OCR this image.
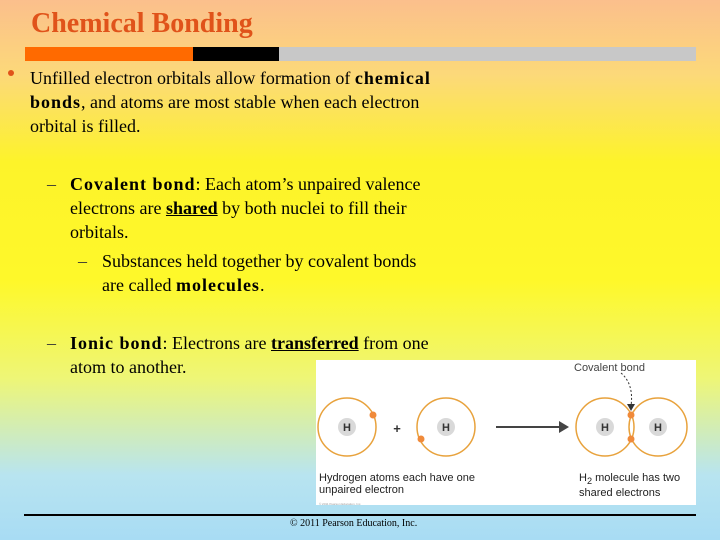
Chemical Bonding
Unfilled electron orbitals allow formation of chemical bonds, and atoms are most stable when each electron orbital is filled.
– Covalent bond: Each atom’s unpaired valence electrons are shared by both nuclei to fill their orbitals.
– Substances held together by covalent bonds are called molecules.
– Ionic bond: Electrons are transferred from one atom to another.
H	H	H	H
+
Covalent bond
Hydrogen atoms each have one unpaired electron
$H_2$ molecule has two shared electrons
© 2011 Pearson Education, Inc.
© 2011 Pearson Education, Inc.
